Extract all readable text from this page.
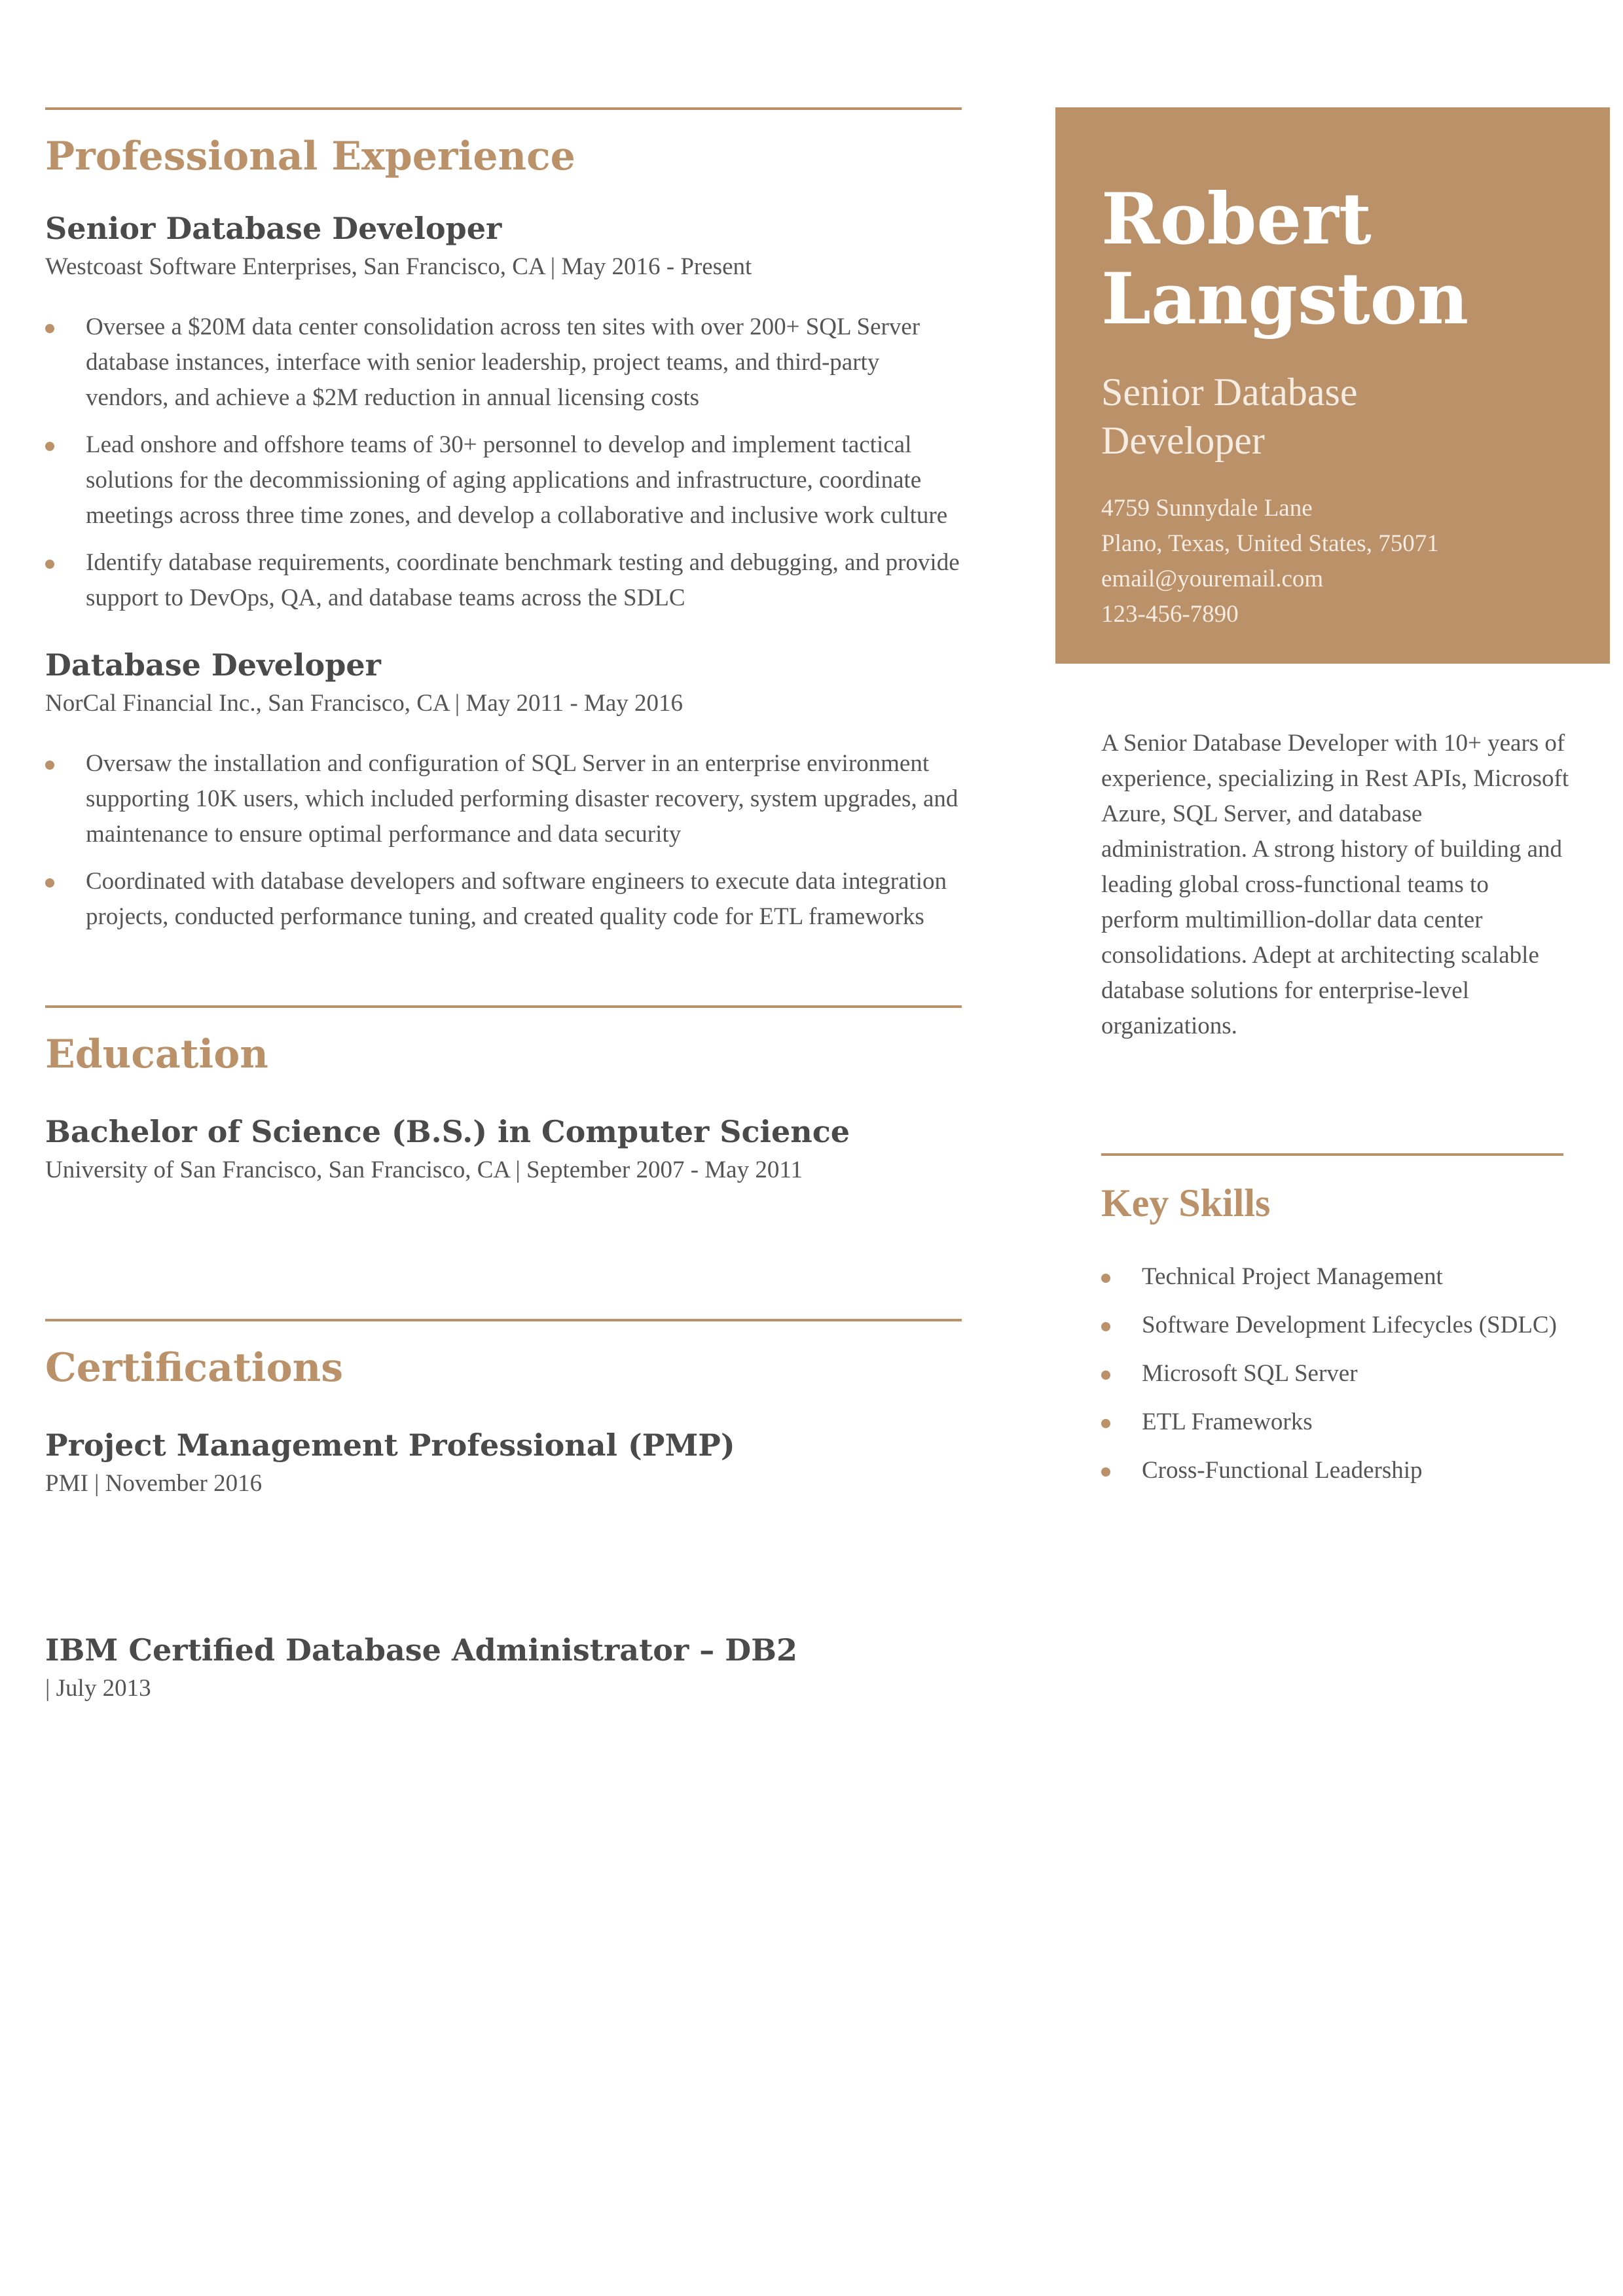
Professional Experience
Senior Database Developer

Westcoast Software Enterprises, San Francisco, CA | May 2016 - Present

Oversee a $20M data center consolidation across ten sites with over 200+ SQL Server database instances, interface with senior leadership, project teams, and third-party vendors, and achieve a $2M reduction in annual licensing costs
Lead onshore and offshore teams of 30+ personnel to develop and implement tactical solutions for the decommissioning of aging applications and infrastructure, coordinate meetings across three time zones, and develop a collaborative and inclusive work culture
Identify database requirements, coordinate benchmark testing and debugging, and provide support to DevOps, QA, and database teams across the SDLC
Database Developer

NorCal Financial Inc., San Francisco, CA | May 2011 - May 2016

Oversaw the installation and configuration of SQL Server in an enterprise environment supporting 10K users, which included performing disaster recovery, system upgrades, and maintenance to ensure optimal performance and data security
Coordinated with database developers and software engineers to execute data integration projects, conducted performance tuning, and created quality code for ETL frameworks
Education
Bachelor of Science (B.S.) in Computer Science

University of San Francisco, San Francisco, CA | September 2007 - May 2011

Certifications
Project Management Professional (PMP)

PMI | November 2016

IBM Certified Database Administrator – DB2

| July 2013

Robert
Langston
Senior Database
Developer
4759 Sunnydale Lane
Plano, Texas, United States, 75071
email@youremail.com
123-456-7890

A Senior Database Developer with 10+ years of experience, specializing in Rest APIs, Microsoft Azure, SQL Server, and database administration. A strong history of building and leading global cross-functional teams to perform multimillion-dollar data center consolidations. Adept at architecting scalable database solutions for enterprise-level organizations.

Key Skills
Technical Project Management
Software Development Lifecycles (SDLC)
Microsoft SQL Server
ETL Frameworks
Cross-Functional Leadership
